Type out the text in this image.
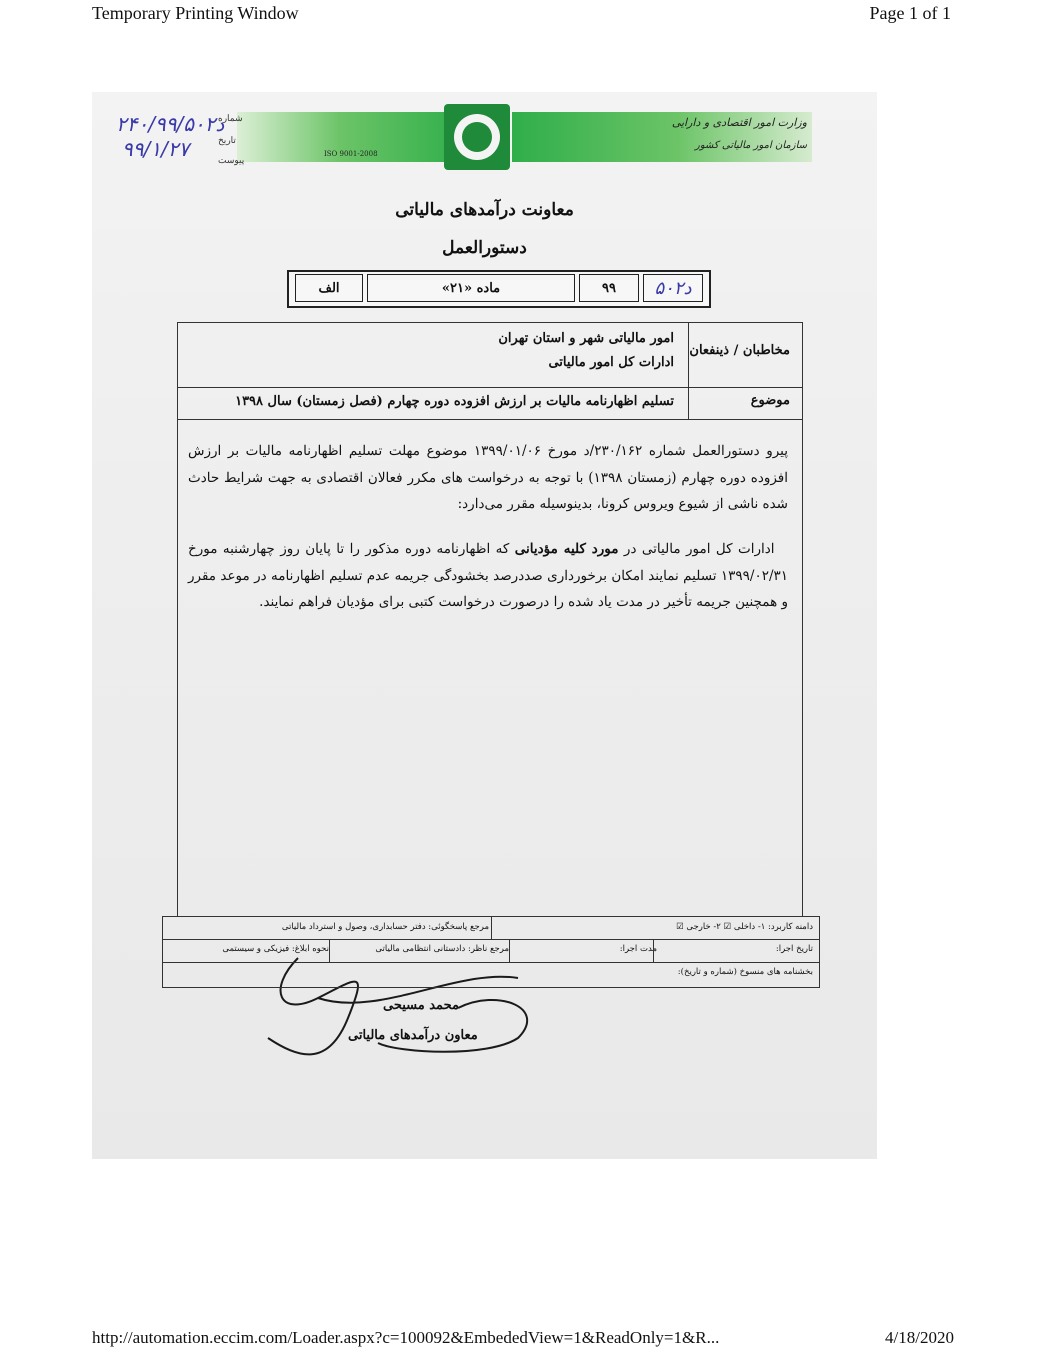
Temporary Printing Window	Page 1 of 1
وزارت امور اقتصادی و دارایی
سازمان امور مالیاتی کشور
ISO 9001-2008
شماره
تاریخ
پیوست
۲۴۰/۹۹/د۵۰۲
۹۹/۱/۲۷
معاونت درآمدهای مالیاتی
دستورالعمل
الف	ماده «۲۱»	۹۹	د۵۰۲
مخاطبان / ذینفعان
امور مالیاتی شهر و استان تهران
ادارات کل امور مالیاتی
موضوع
تسلیم اظهارنامه مالیات بر ارزش افزوده دوره چهارم (فصل زمستان) سال ۱۳۹۸
پیرو دستورالعمل شماره ۲۳۰/۱۶۲/د مورخ ۱۳۹۹/۰۱/۰۶ موضوع مهلت تسلیم اظهارنامه مالیات بر ارزش افزوده دوره چهارم (زمستان ۱۳۹۸) با توجه به درخواست های مکرر فعالان اقتصادی به جهت شرایط حادث شده ناشی از شیوع ویروس کرونا، بدینوسیله مقرر می‌دارد:
 ادارات کل امور مالیاتی در مورد کلیه مؤدیانی که اظهارنامه دوره مذکور را تا پایان روز چهارشنبه مورخ ۱۳۹۹/۰۲/۳۱ تسلیم نمایند امکان برخورداری صددرصد بخشودگی جریمه عدم تسلیم اظهارنامه در موعد مقرر و همچنین جریمه تأخیر در مدت یاد شده را درصورت درخواست کتبی برای مؤدیان فراهم نمایند.
محمد مسیحی
معاون درآمدهای مالیاتی
دامنه کاربرد: ۱- داخلی ☑ ۲- خارجی ☑
مرجع پاسخگوئی: دفتر حسابداری، وصول و استرداد مالیاتی
تاریخ اجرا:
مدت اجرا:
مرجع ناظر: دادستانی انتظامی مالیاتی
نحوه ابلاغ: فیزیکی و سیستمی
بخشنامه های منسوخ (شماره و تاریخ):
http://automation.eccim.com/Loader.aspx?c=100092&EmbededView=1&ReadOnly=1&R...	4/18/2020
